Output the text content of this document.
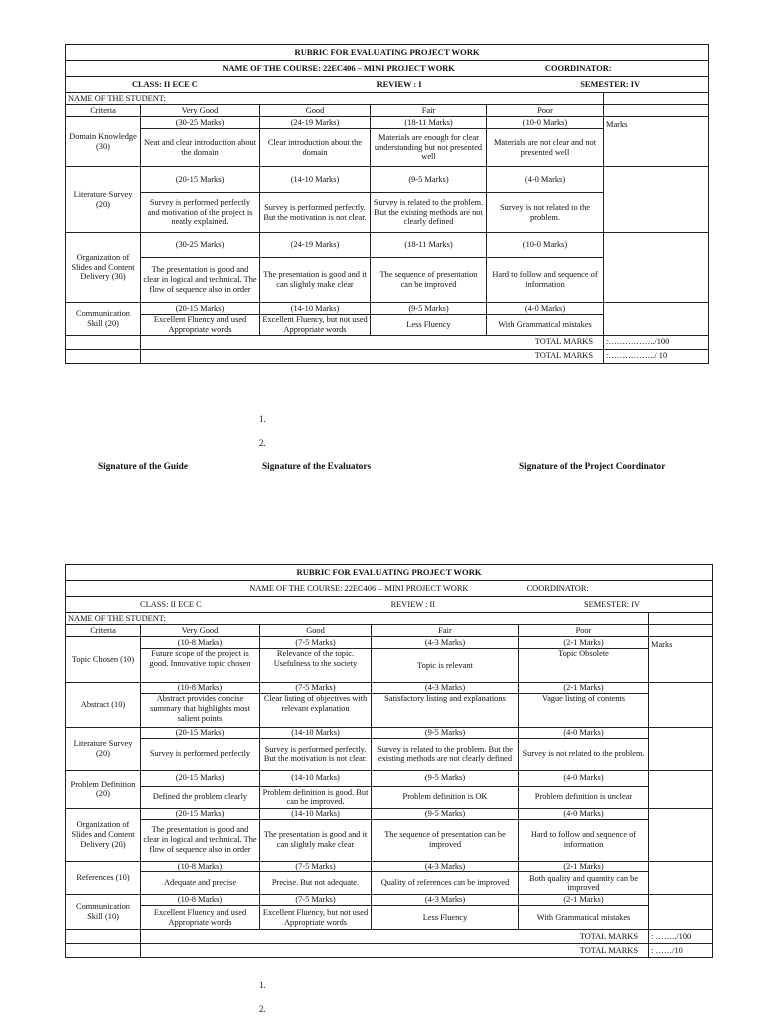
RUBRIC FOR EVALUATING PROJECT WORK					
NAME OF THE COURSE: 22EC406 – MINI PROJECT WORK COORDINATOR:					

CLASS: II ECE C REVIEW : I SEMESTER: IV					

NAME OF THE STUDENT:					
Criteria	Very Good	Good	Fair	Poor	
Domain Knowledge (30)	(30-25 Marks)	(24-19 Marks)	(18-11 Marks)	(10-0 Marks)	Marks
	Neat and clear introduction about the domain	Clear introduction about the domain	Materials are enough for clear understanding but not presented well	Materials are not clear and not presented well	
Literature Survey (20)	(20-15 Marks)	(14-10 Marks)	(9-5 Marks)	(4-0 Marks)	
	Survey is performed perfectly and motivation of the project is neatly explained.	Survey is performed perfectly. But the motivation is not clear.	Survey is related to the problem. But the existing methods are not clearly defined	Survey is not related to the problem.	
Organization of Slides and Content Delivery (30)	(30-25 Marks)	(24-19 Marks)	(18-11 Marks)	(10-0 Marks)	
	The presentation is good and clear in logical and technical. The flow of sequence also in order	The presentation is good and it can slightly make clear	The sequence of presentation can be improved	Hard to follow and sequence of information	
Communication Skill (20)	(20-15 Marks)	(14-10 Marks)	(9-5 Marks)	(4-0 Marks)	
	Excellent Fluency and used Appropriate words	Excellent Fluency, but not used Appropriate words	Less Fluency	With Grammatical mistakes	
	TOTAL MARKS				:……………../100
	TOTAL MARKS				:……………../ 10
1.
2.
Signature of the Guide	Signature of the Evaluators	Signature of the Project Coordinator
RUBRIC FOR EVALUATING PROJECT WORK					
NAME OF THE COURSE: 22EC406 – MINI PROJECT WORK COORDINATOR:					

CLASS: II ECE C REVIEW : II SEMESTER: IV					

NAME OF THE STUDENT:					
Criteria	Very Good	Good	Fair	Poor	
Topic Chosen (10)	(10-8 Marks)	(7-5 Marks)	(4-3 Marks)	(2-1 Marks)	Marks
	Future scope of the project is good. Innovative topic chosen	Relevance of the topic. Usefulness to the society	Topic is relevant	Topic Obsolete	
Abstract (10)	(10-8 Marks)	(7-5 Marks)	(4-3 Marks)	(2-1 Marks)	
	Abstract provides concise summary that highlights most salient points	Clear listing of objectives with relevant explanation	Satisfactory listing and explanations	Vague listing of contents	
Literature Survey (20)	(20-15 Marks)	(14-10 Marks)	(9-5 Marks)	(4-0 Marks)	
	Survey is performed perfectly	Survey is performed perfectly. But the motivation is not clear.	Survey is related to the problem. But the existing methods are not clearly defined	Survey is not related to the problem.	
Problem Definition (20)	(20-15 Marks)	(14-10 Marks)	(9-5 Marks)	(4-0 Marks)	
	Defined the problem clearly	Problem definition is good. But can be improved.	Problem definition is OK	Problem definition is unclear	
Organization of Slides and Content Delivery (20)	(20-15 Marks)	(14-10 Marks)	(9-5 Marks)	(4-0 Marks)	
	The presentation is good and clear in logical and technical. The flow of sequence also in order	The presentation is good and it can slightly make clear	The sequence of presentation can be improved	Hard to follow and sequence of information	
References (10)	(10-8 Marks)	(7-5 Marks)	(4-3 Marks)	(2-1 Marks)	
	Adequate and precise	Precise. But not adequate.	Quality of references can be improved	Both quality and quantity can be improved	
Communication Skill (10)	(10-8 Marks)	(7-5 Marks)	(4-3 Marks)	(2-1 Marks)	
	Excellent Fluency and used Appropriate words	Excellent Fluency, but not used Appropriate words	Less Fluency	With Grammatical mistakes	
	TOTAL MARKS				: ……../100
	TOTAL MARKS				: ……/10
1.
2.
